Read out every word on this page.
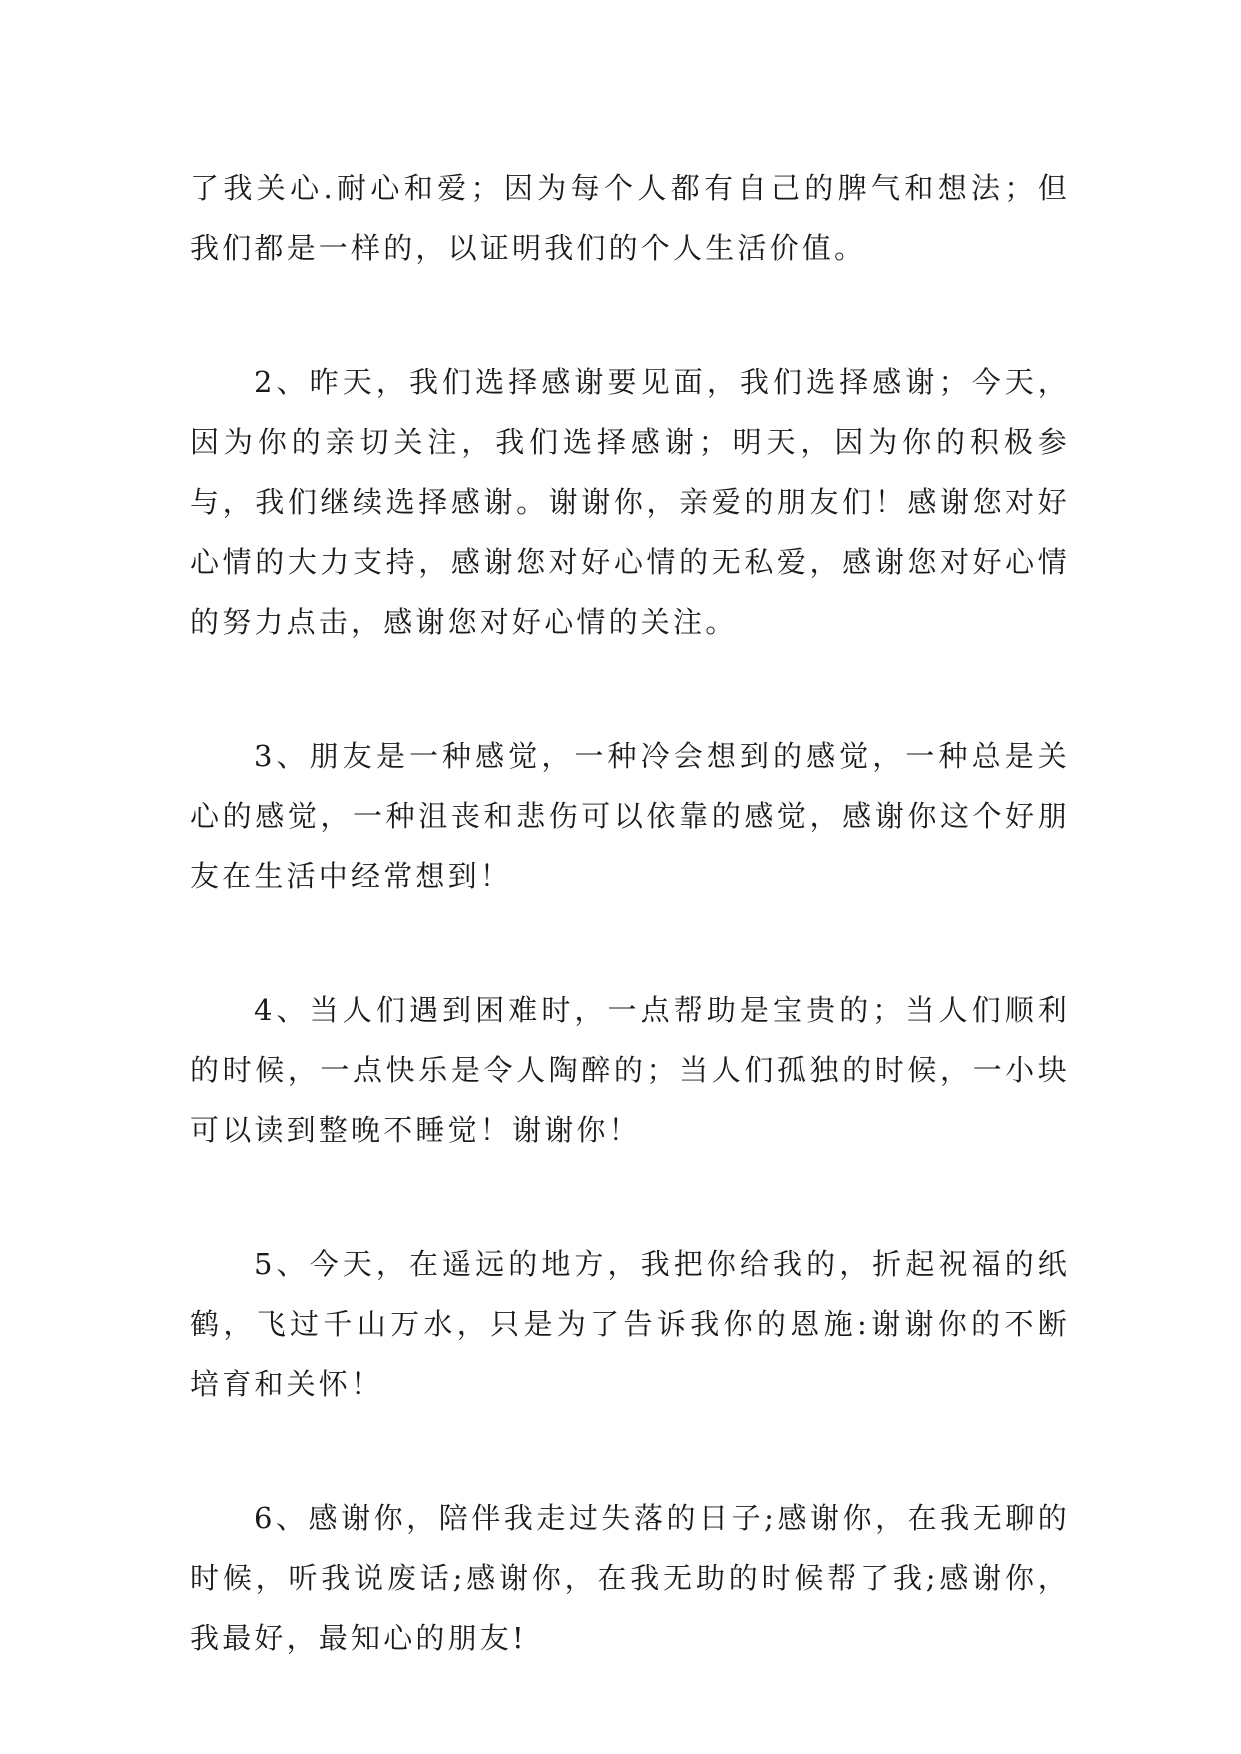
了我关心.耐心和爱；因为每个人都有自己的脾气和想法；但我们都是一样的，以证明我们的个人生活价值。

2、昨天，我们选择感谢要见面，我们选择感谢；今天，因为你的亲切关注，我们选择感谢；明天，因为你的积极参与，我们继续选择感谢。谢谢你，亲爱的朋友们！感谢您对好心情的大力支持，感谢您对好心情的无私爱，感谢您对好心情的努力点击，感谢您对好心情的关注。

3、朋友是一种感觉，一种冷会想到的感觉，一种总是关心的感觉，一种沮丧和悲伤可以依靠的感觉，感谢你这个好朋友在生活中经常想到！

4、当人们遇到困难时，一点帮助是宝贵的；当人们顺利的时候，一点快乐是令人陶醉的；当人们孤独的时候，一小块可以读到整晚不睡觉！谢谢你！

5、今天，在遥远的地方，我把你给我的，折起祝福的纸鹤，飞过千山万水，只是为了告诉我你的恩施:谢谢你的不断培育和关怀！

6、感谢你，陪伴我走过失落的日子;感谢你，在我无聊的时候，听我说废话;感谢你，在我无助的时候帮了我;感谢你，我最好，最知心的朋友!
